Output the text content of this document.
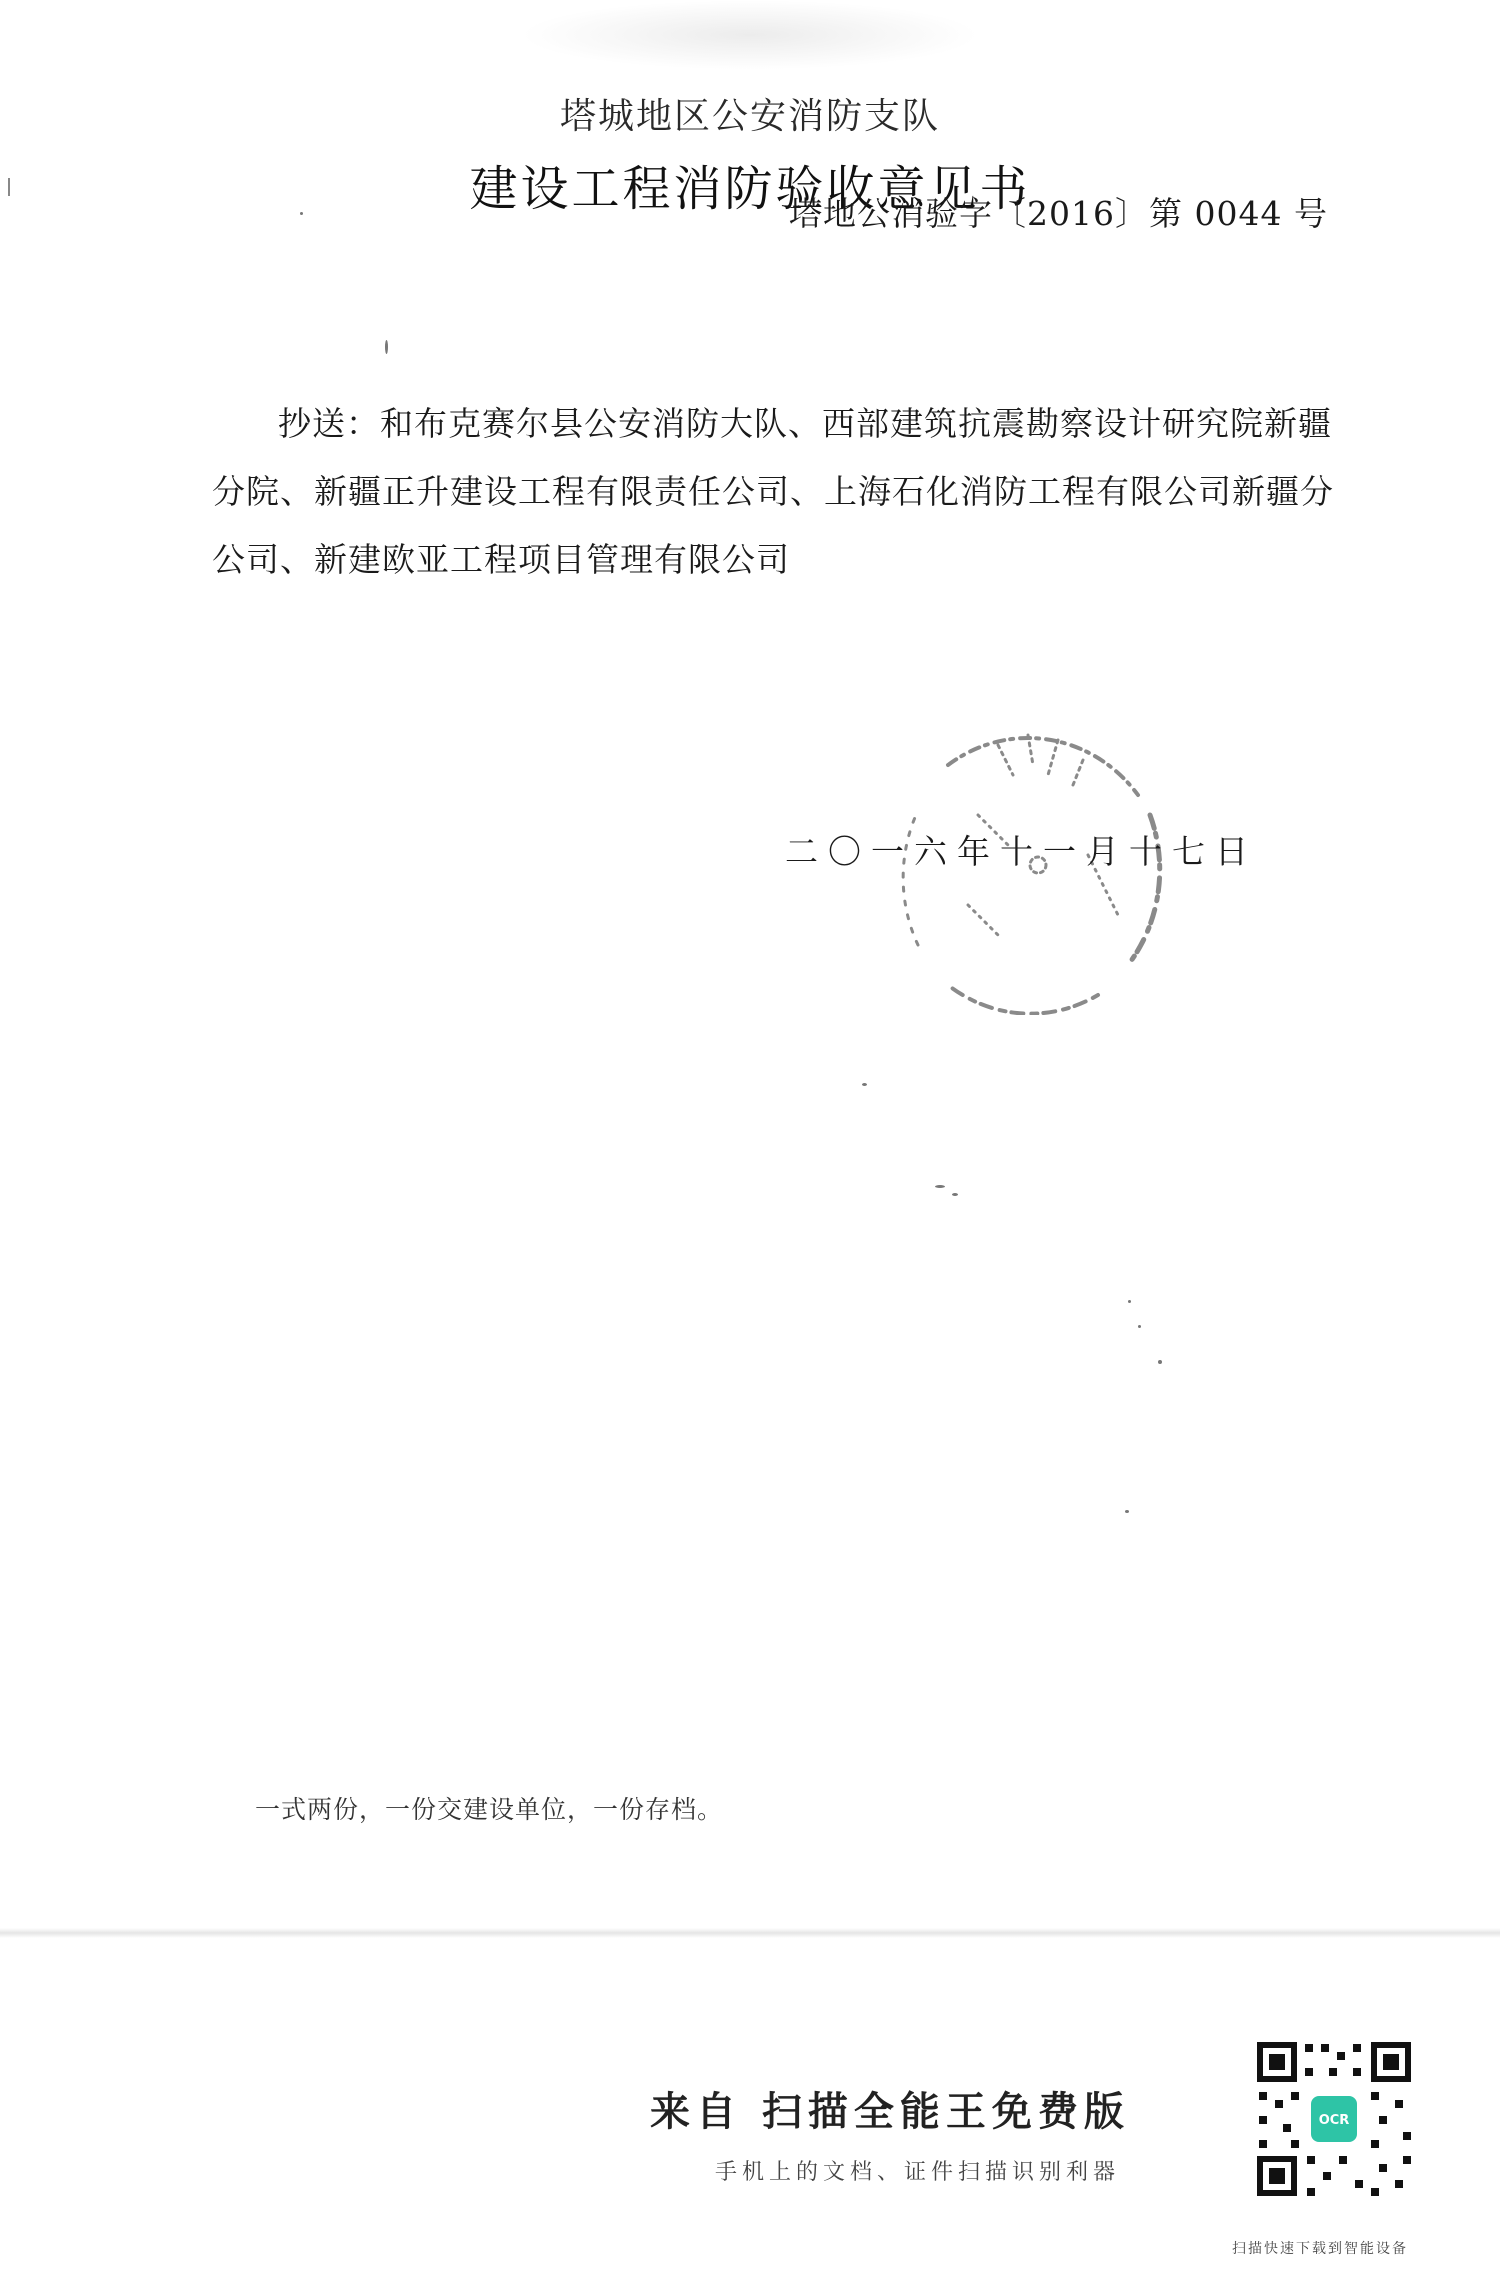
塔城地区公安消防支队
建设工程消防验收意见书
塔地公消验字〔2016〕第 0044 号
抄送：和布克赛尔县公安消防大队、西部建筑抗震勘察设计研究院新疆分院、新疆正升建设工程有限责任公司、上海石化消防工程有限公司新疆分公司、新建欧亚工程项目管理有限公司
二〇一六年十一月十七日
一式两份，一份交建设单位，一份存档。
来自 扫描全能王免费版
手机上的文档、证件扫描识别利器
OCR
扫描快速下载到智能设备
